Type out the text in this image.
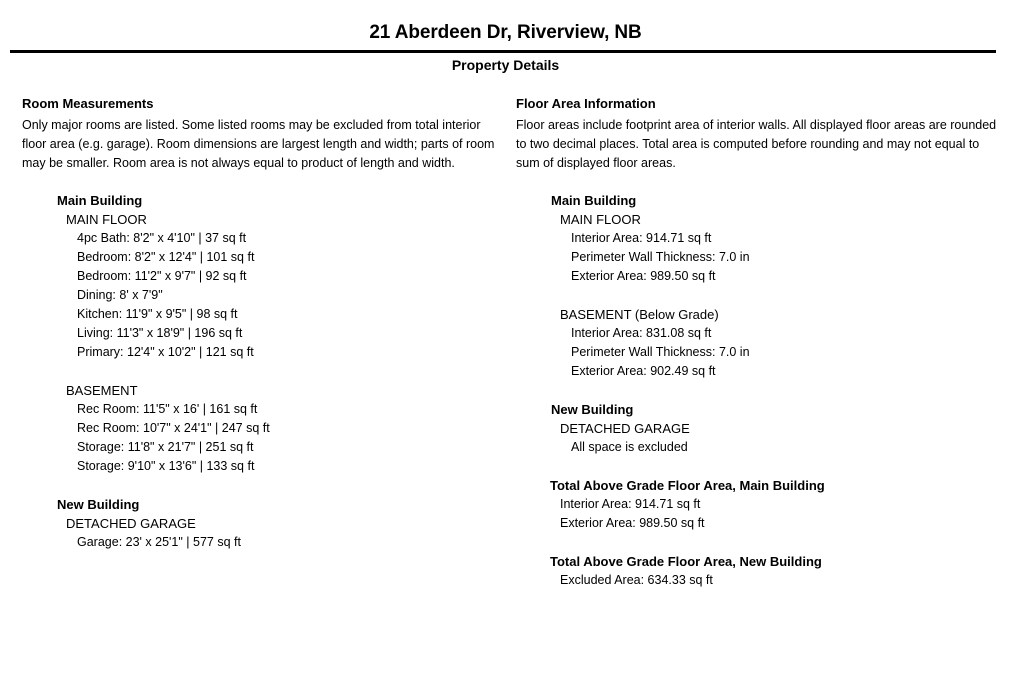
21 Aberdeen Dr, Riverview, NB
Property Details
Room Measurements

Only major rooms are listed. Some listed rooms may be excluded from total interior floor area (e.g. garage). Room dimensions are largest length and width; parts of room may be smaller. Room area is not always equal to product of length and width.

Main Building
MAIN FLOOR
4pc Bath: 8'2" x 4'10" | 37 sq ft
Bedroom: 8'2" x 12'4" | 101 sq ft
Bedroom: 11'2" x 9'7" | 92 sq ft
Dining: 8' x 7'9"
Kitchen: 11'9" x 9'5" | 98 sq ft
Living: 11'3" x 18'9" | 196 sq ft
Primary: 12'4" x 10'2" | 121 sq ft
BASEMENT
Rec Room: 11'5" x 16' | 161 sq ft
Rec Room: 10'7" x 24'1" | 247 sq ft
Storage: 11'8" x 21'7" | 251 sq ft
Storage: 9'10" x 13'6" | 133 sq ft
New Building
DETACHED GARAGE
Garage: 23' x 25'1" | 577 sq ft
Floor Area Information

Floor areas include footprint area of interior walls. All displayed floor areas are rounded to two decimal places. Total area is computed before rounding and may not equal to sum of displayed floor areas.

Main Building
MAIN FLOOR
Interior Area: 914.71 sq ft
Perimeter Wall Thickness: 7.0 in
Exterior Area: 989.50 sq ft
BASEMENT (Below Grade)
Interior Area: 831.08 sq ft
Perimeter Wall Thickness: 7.0 in
Exterior Area: 902.49 sq ft
New Building
DETACHED GARAGE
All space is excluded
Total Above Grade Floor Area, Main Building
Interior Area: 914.71 sq ft
Exterior Area: 989.50 sq ft
Total Above Grade Floor Area, New Building
Excluded Area: 634.33 sq ft
